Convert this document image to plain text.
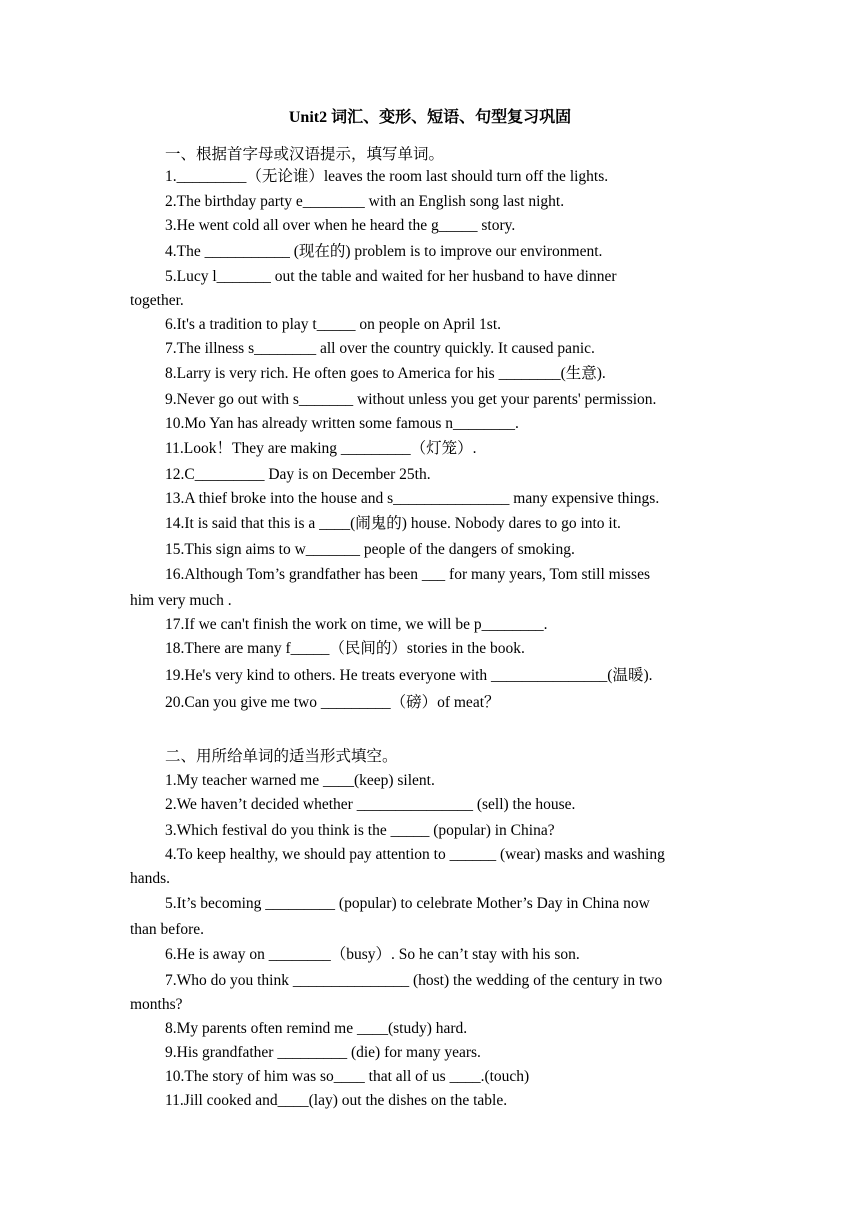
Unit2 词汇、变形、短语、句型复习巩固
一、根据首字母或汉语提示，填写单词。
1._________（无论谁）leaves the room last should turn off the lights.
2.The birthday party e________ with an English song last night.
3.He went cold all over when he heard the g_____ story.
4.The ___________ (现在的) problem is to improve our environment.
5.Lucy l_______ out the table and waited for her husband to have dinner
together.
6.It's a tradition to play t_____ on people on April 1st.
7.The illness s________ all over the country quickly. It caused panic.
8.Larry is very rich. He often goes to America for his ________(生意).
9.Never go out with s_______ without unless you get your parents' permission.
10.Mo Yan has already written some famous n________.
11.Look！They are making _________（灯笼）.
12.C_________ Day is on December 25th.
13.A thief broke into the house and s_______________ many expensive things.
14.It is said that this is a ____(闹鬼的) house. Nobody dares to go into it.
15.This sign aims to w_______ people of the dangers of smoking.
16.Although Tom’s grandfather has been ___ for many years, Tom still misses
him very much .
17.If we can't finish the work on time, we will be p________.
18.There are many f_____（民间的）stories in the book.
19.He's very kind to others. He treats everyone with _______________(温暖).
20.Can you give me two _________（磅）of meat？
二、用所给单词的适当形式填空。
1.My teacher warned me ____(keep) silent.
2.We haven’t decided whether _______________ (sell) the house.
3.Which festival do you think is the _____ (popular) in China?
4.To keep healthy, we should pay attention to ______ (wear) masks and washing
hands.
5.It’s becoming _________ (popular) to celebrate Mother’s Day in China now
than before.
6.He is away on ________（busy）. So he can’t stay with his son.
7.Who do you think _______________ (host) the wedding of the century in two
months?
8.My parents often remind me ____(study) hard.
9.His grandfather _________ (die) for many years.
10.The story of him was so____ that all of us ____.(touch)
11.Jill cooked and____(lay) out the dishes on the table.
